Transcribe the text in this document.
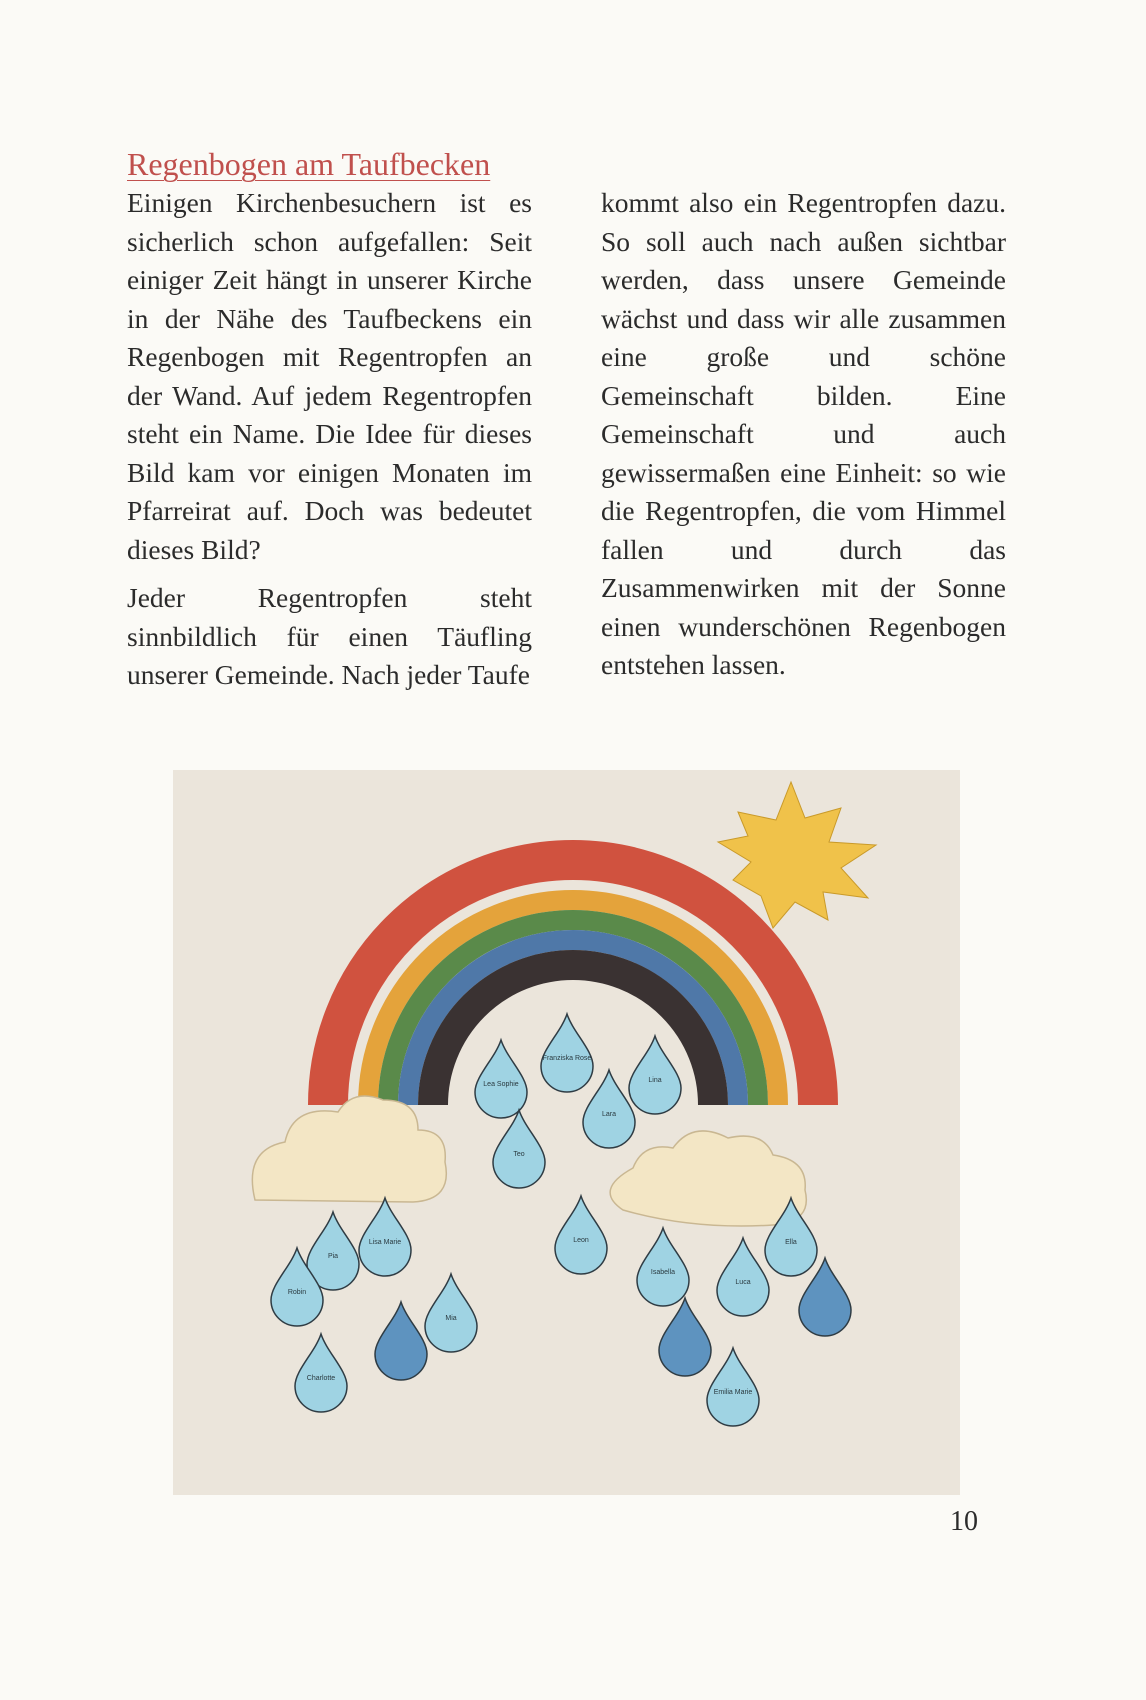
Regenbogen am Taufbecken

Einigen Kirchenbesuchern ist es sicherlich schon aufgefallen: Seit einiger Zeit hängt in unserer Kirche in der Nähe des Taufbeckens ein Regenbogen mit Regentropfen an der Wand. Auf jedem Regentropfen steht ein Name. Die Idee für dieses Bild kam vor einigen Monaten im Pfarreirat auf. Doch was bedeutet dieses Bild?

Jeder Regentropfen steht sinnbildlich für einen Täufling unserer Gemeinde. Nach jeder Taufe

kommt also ein Regentropfen dazu. So soll auch nach außen sichtbar werden, dass unsere Gemeinde wächst und dass wir alle zusammen eine große und schöne Gemeinschaft bilden. Eine Gemeinschaft und auch gewissermaßen eine Einheit: so wie die Regentropfen, die vom Himmel fallen und durch das Zusammenwirken mit der Sonne einen wunderschönen Regenbogen entstehen lassen.

Franziska Rose
Lea Sophie
Lina
Lara
Teo
Leon
Lisa Marie
Pia
Robin
Mia
Charlotte
Isabella
Luca
Ella
Emilia Marie
10
